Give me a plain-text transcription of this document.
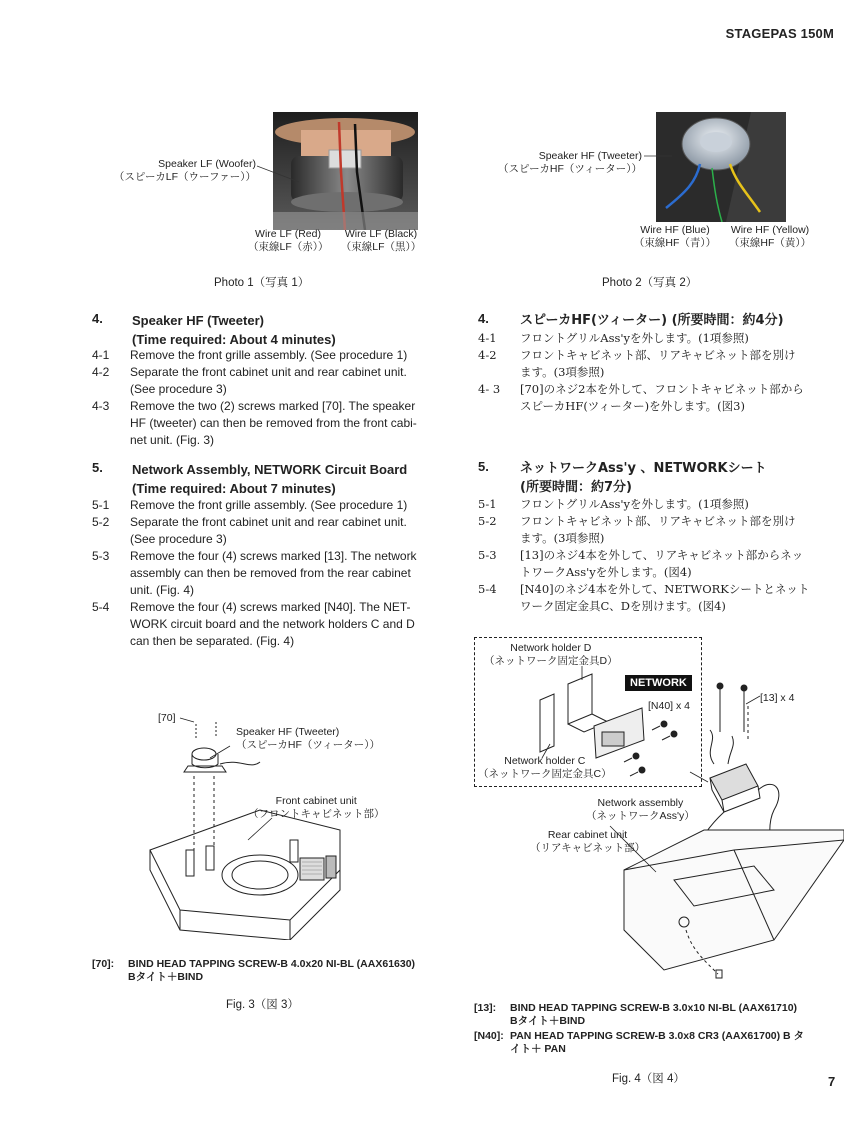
STAGEPAS 150M
Speaker LF (Woofer)
（スピーカLF（ウーファー））
Wire LF (Red)
（束線LF（赤））
Wire LF (Black)
（束線LF（黒））
Photo 1（写真 1）
Speaker HF (Tweeter)
（スピーカHF（ツィーター））
Wire HF (Blue)
（束線HF（青））
Wire HF (Yellow)
（束線HF（黄））
Photo 2（写真 2）
4. Speaker HF (Tweeter)
(Time required: About 4 minutes)
4-1	Remove the front grille assembly. (See procedure 1)
4-2	Separate the front cabinet unit and rear cabinet unit.
(See procedure 3)
4-3	Remove the two (2) screws marked [70]. The speaker
HF (tweeter) can then be removed from the front cabi-
net unit. (Fig. 3)
5. Network Assembly, NETWORK Circuit Board
(Time required: About 7 minutes)
5-1	Remove the front grille assembly. (See procedure 1)
5-2	Separate the front cabinet unit and rear cabinet unit.
(See procedure 3)
5-3	Remove the four (4) screws marked [13]. The network
assembly can then be removed from the rear cabinet
unit. (Fig. 4)
5-4	Remove the four (4) screws marked [N40]. The NET-
WORK circuit board and the network holders C and D
can then be separated. (Fig. 4)
4. スピーカHF(ツィーター) (所要時間：約4分)
4-1	フロントグリルAss'yを外します。(1項参照)
4-2	フロントキャビネット部、リアキャビネット部を別け
ます。(3項参照)
4- 3	[70]のネジ2本を外して、フロントキャビネット部から
スピーカHF(ツィーター)を外します。(図3)
5. ネットワークAss'y 、NETWORKシート
(所要時間：約7分)
5-1	フロントグリルAss'yを外します。(1項参照)
5-2	フロントキャビネット部、リアキャビネット部を別け
ます。(3項参照)
5-3	[13]のネジ4本を外して、リアキャビネット部からネッ
トワークAss'yを外します。(図4)
5-4	[N40]のネジ4本を外して、NETWORKシートとネット
ワーク固定金具C、Dを別けます。(図4)
[70]
Speaker HF (Tweeter)
（スピーカHF（ツィーター））
Front cabinet unit
（フロントキャビネット部）
[70]: BIND HEAD TAPPING SCREW-B 4.0x20 NI-BL (AAX61630)
Bタイト＋BIND
Fig. 3（図 3）
Network holder D
（ネットワーク固定金具D）
NETWORK
[N40] x 4
[13] x 4
Network holder C
（ネットワーク固定金具C）
Network assembly
（ネットワークAss'y）
Rear cabinet unit
（リアキャビネット部）
[13]: BIND HEAD TAPPING SCREW-B 3.0x10 NI-BL (AAX61710)
Bタイト＋BIND
[N40]: PAN HEAD TAPPING SCREW-B 3.0x8 CR3 (AAX61700) B タ
イト＋ PAN
Fig. 4（図 4）	7
